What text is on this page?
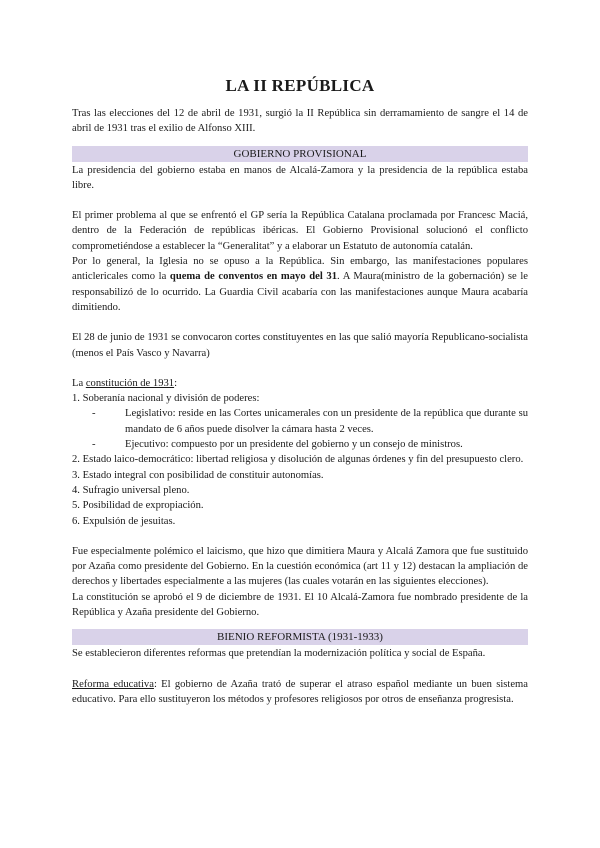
LA II REPÚBLICA

Tras las elecciones del 12 de abril de 1931, surgió la II República sin derramamiento de sangre el 14 de abril de 1931 tras el exilio de Alfonso XIII.

GOBIERNO PROVISIONAL

La presidencia del gobierno estaba en manos de Alcalá-Zamora y la presidencia de la república estaba libre.

El primer problema al que se enfrentó el GP sería la República Catalana proclamada por Francesc Maciá, dentro de la Federación de repúblicas ibéricas. El Gobierno Provisional solucionó el conflicto comprometiéndose a establecer la “Generalitat” y a elaborar un Estatuto de autonomía catalán.

Por lo general, la Iglesia no se opuso a la República. Sin embargo, las manifestaciones populares anticlericales como la quema de conventos en mayo del 31. A Maura(ministro de la gobernación) se le responsabilizó de lo ocurrido. La Guardia Civil acabaría con las manifestaciones aunque Maura acabaría dimitiendo.

El 28 de junio de 1931 se convocaron cortes constituyentes en las que salió mayoría Republicano-socialista (menos el País Vasco y Navarra)

La constitución de 1931:

1. Soberanía nacional y división de poderes:

-	Legislativo: reside en las Cortes unicamerales con un presidente de la república que durante su mandato de 6 años puede disolver la cámara hasta 2 veces.

-	Ejecutivo: compuesto por un presidente del gobierno y un consejo de ministros.

2. Estado laico-democrático: libertad religiosa y disolución de algunas órdenes y fin del presupuesto clero.

3. Estado integral con posibilidad de constituir autonomías.

4. Sufragio universal pleno.

5. Posibilidad de expropiación.

6. Expulsión de jesuitas.

Fue especialmente polémico el laicismo, que hizo que dimitiera Maura y Alcalá Zamora que fue sustituido por Azaña como presidente del Gobierno. En la cuestión económica (art 11 y 12) destacan la ampliación de derechos y libertades especialmente a las mujeres (las cuales votarán en las siguientes elecciones).

La constitución se aprobó el 9 de diciembre de 1931. El 10 Alcalá-Zamora fue nombrado presidente de la República y Azaña presidente del Gobierno.

BIENIO REFORMISTA (1931-1933)

Se establecieron diferentes reformas que pretendían la modernización política y social de España.

Reforma educativa: El gobierno de Azaña trató de superar el atraso español mediante un buen sistema educativo. Para ello sustituyeron los métodos y profesores religiosos por otros de enseñanza progresista.
